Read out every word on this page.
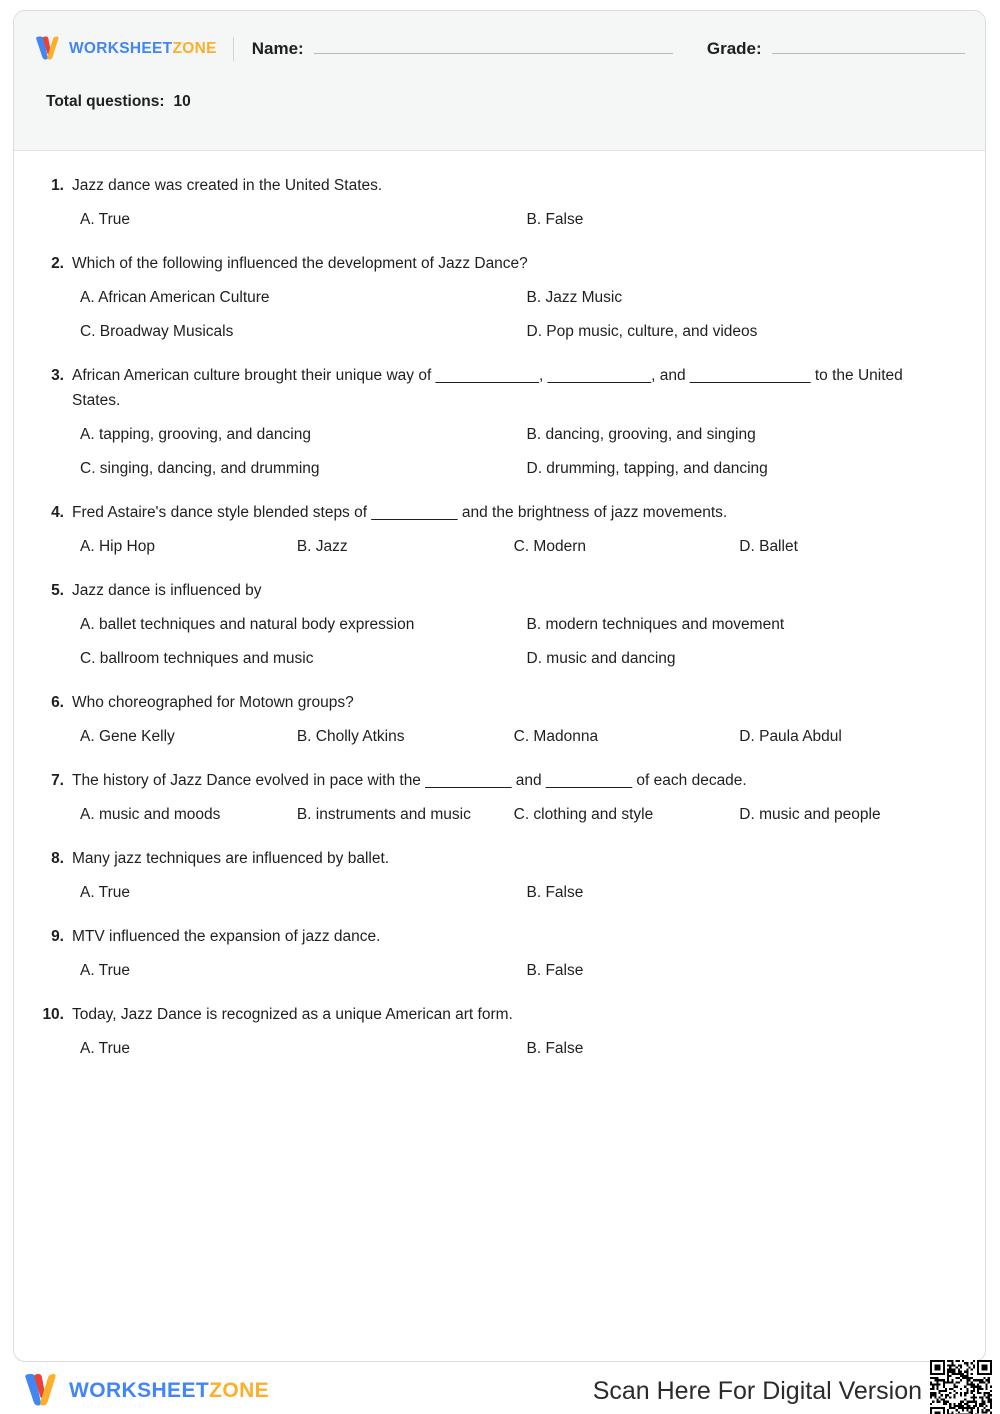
WORKSHEETZONE Name:	Grade:
Total questions: 10
1. Jazz dance was created in the United States.
A. True	B. False
2. Which of the following influenced the development of Jazz Dance?
A. African American Culture	B. Jazz Music
C. Broadway Musicals	D. Pop music, culture, and videos
3. African American culture brought their unique way of ____________, ____________, and ______________ to the United States.
A. tapping, grooving, and dancing	B. dancing, grooving, and singing
C. singing, dancing, and drumming	D. drumming, tapping, and dancing
4. Fred Astaire's dance style blended steps of __________ and the brightness of jazz movements.
A. Hip Hop	B. Jazz	C. Modern	D. Ballet
5. Jazz dance is influenced by
A. ballet techniques and natural body expression	B. modern techniques and movement
C. ballroom techniques and music	D. music and dancing
6. Who choreographed for Motown groups?
A. Gene Kelly	B. Cholly Atkins	C. Madonna	D. Paula Abdul
7. The history of Jazz Dance evolved in pace with the __________ and __________ of each decade.
A. music and moods	B. instruments and music	C. clothing and style	D. music and people
8. Many jazz techniques are influenced by ballet.
A. True	B. False
9. MTV influenced the expansion of jazz dance.
A. True	B. False
10. Today, Jazz Dance is recognized as a unique American art form.
A. True	B. False
WORKSHEETZONE	Scan Here For Digital Version
